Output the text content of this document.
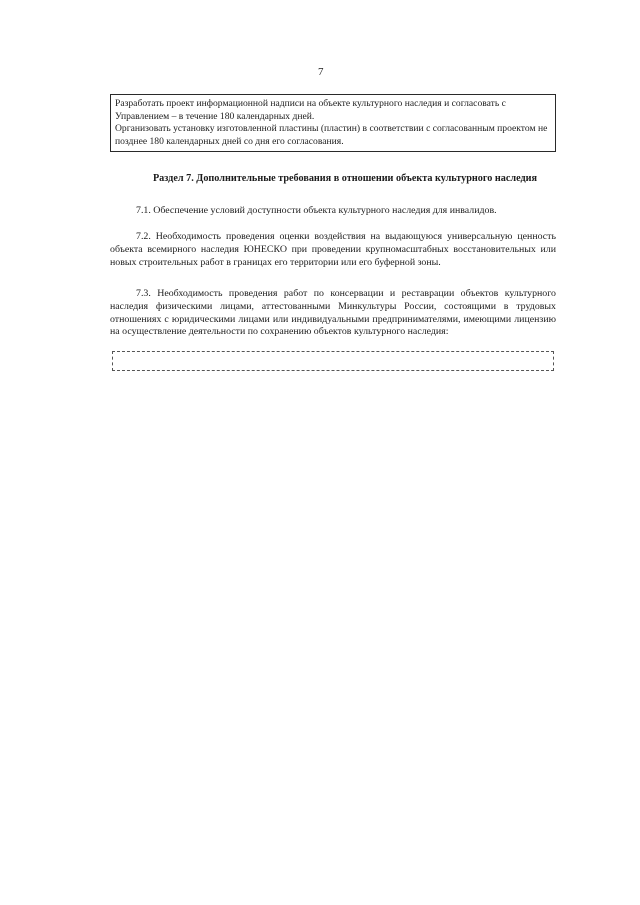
7

Разработать проект информационной надписи на объекте культурного наследия и согласовать с Управлением – в течение 180 календарных дней.

Организовать установку изготовленной пластины (пластин) в соответствии с согласованным проектом не позднее 180 календарных дней со дня его согласования.

Раздел 7. Дополнительные требования в отношении объекта культурного наследия

7.1. Обеспечение условий доступности объекта культурного наследия для инвалидов.

7.2. Необходимость проведения оценки воздействия на выдающуюся универсальную ценность объекта всемирного наследия ЮНЕСКО при проведении крупномасштабных восстановительных или новых строительных работ в границах его территории или его буферной зоны.

7.3. Необходимость проведения работ по консервации и реставрации объектов культурного наследия физическими лицами, аттестованными Минкультуры России, состоящими в трудовых отношениях с юридическими лицами или индивидуальными предпринимателями, имеющими лицензию на осуществление деятельности по сохранению объектов культурного наследия:
